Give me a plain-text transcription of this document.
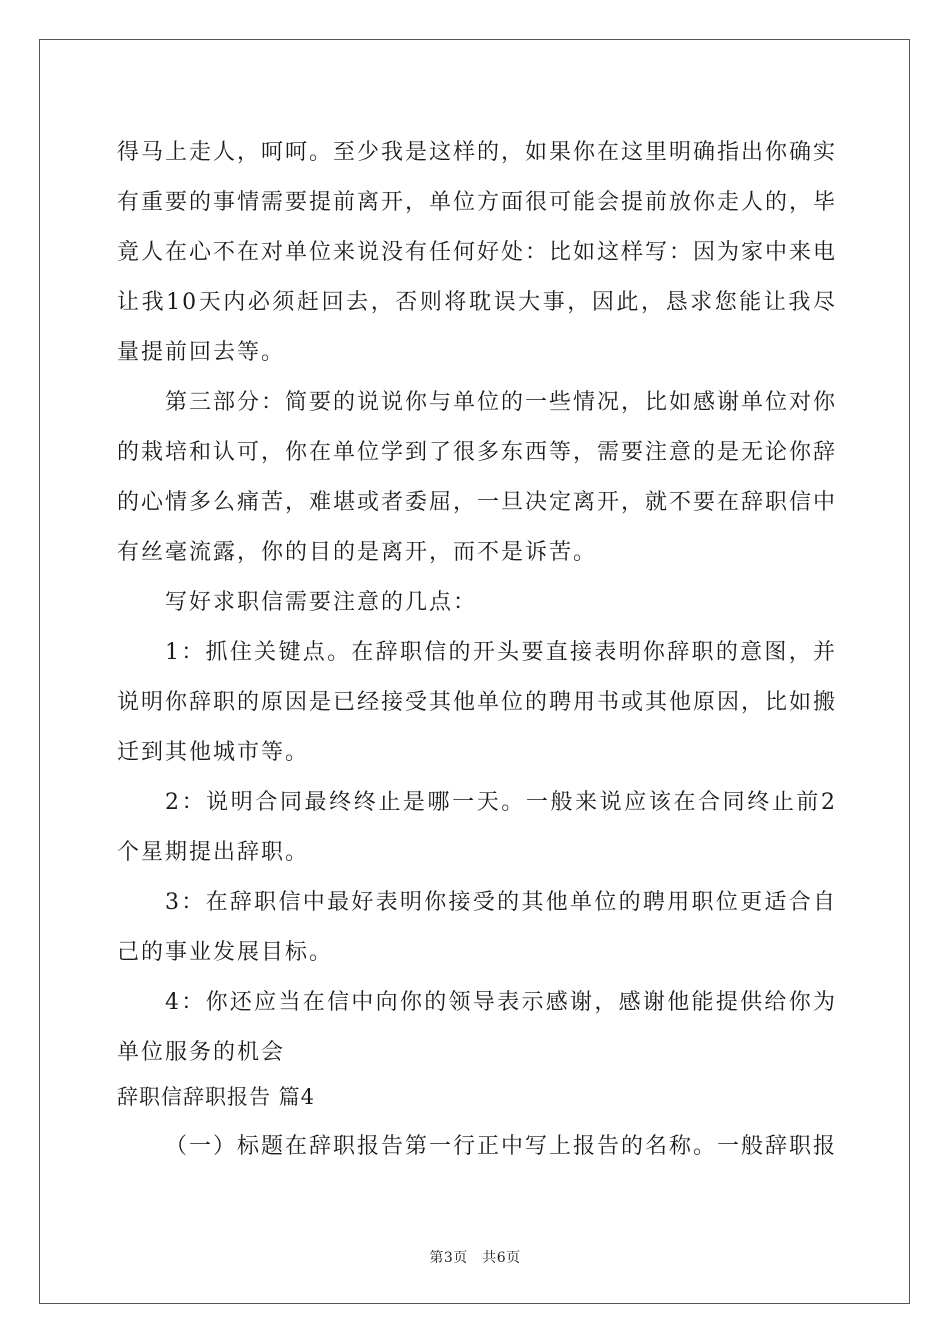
得马上走人，呵呵。至少我是这样的，如果你在这里明确指出你确实
有重要的事情需要提前离开，单位方面很可能会提前放你走人的，毕
竟人在心不在对单位来说没有任何好处：比如这样写：因为家中来电
让我10天内必须赶回去，否则将耽误大事，因此，恳求您能让我尽
量提前回去等。

第三部分：简要的说说你与单位的一些情况，比如感谢单位对你
的栽培和认可，你在单位学到了很多东西等，需要注意的是无论你辞
的心情多么痛苦，难堪或者委屈，一旦决定离开，就不要在辞职信中
有丝毫流露，你的目的是离开，而不是诉苦。

写好求职信需要注意的几点：

1：抓住关键点。在辞职信的开头要直接表明你辞职的意图，并
说明你辞职的原因是已经接受其他单位的聘用书或其他原因，比如搬
迁到其他城市等。

2：说明合同最终终止是哪一天。一般来说应该在合同终止前2
个星期提出辞职。

3：在辞职信中最好表明你接受的其他单位的聘用职位更适合自
己的事业发展目标。

4：你还应当在信中向你的领导表示感谢，感谢他能提供给你为
单位服务的机会

辞职信辞职报告 篇4

（一）标题在辞职报告第一行正中写上报告的名称。一般辞职报

第3页　共6页
